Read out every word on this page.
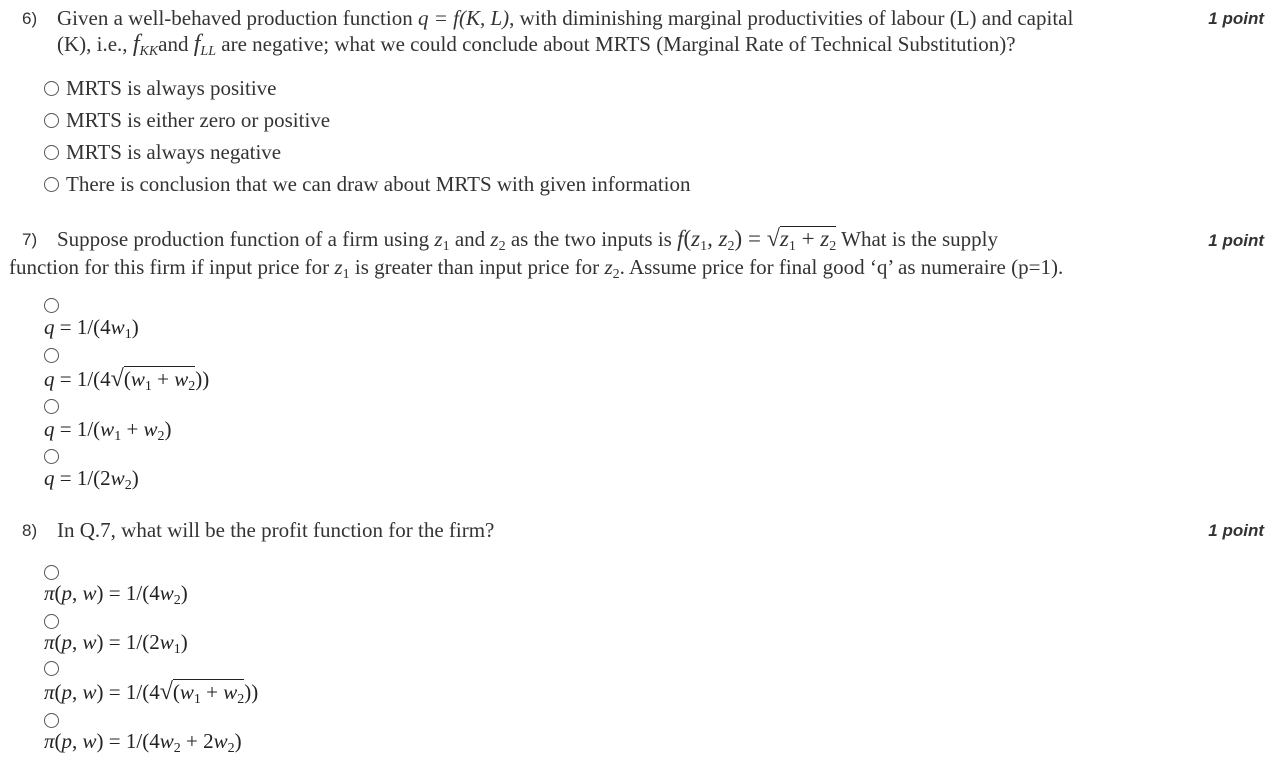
6) Given a well-behaved production function q = f(K, L), with diminishing marginal productivities of labour (L) and capital
(K), i.e., $f_{KK}and$ $f_{LL}$ are negative; what we could conclude about MRTS (Marginal Rate of Technical Substitution)?
1 point
MRTS is always positive
MRTS is either zero or positive
MRTS is always negative
There is conclusion that we can draw about MRTS with given information
7) Suppose production function of a firm using $z_1$ and $z_2$ as the two inputs is $f(z_1$, $z_2) = √z_1 + z_2$ What is the supply
function for this firm if input price for $z_1$ is greater than input price for $z_2$. Assume price for final good ‘q’ as numeraire (p=1).
1 point
$q = 1/(4w_1)$
$q = 1/(4√(w_1 + w_2))$
$q = 1/(w_1 + w_2)$
$q = 1/(2w_2)$
8) In Q.7, what will be the profit function for the firm?	1 point
π(p, $w) = 1/(4w_2)$
π(p, $w) = 1/(2w_1)$
π(p, $w) = 1/(4√(w_1 + w_2))$
π(p, $w) = 1/(4w_2 + 2w_2)$
